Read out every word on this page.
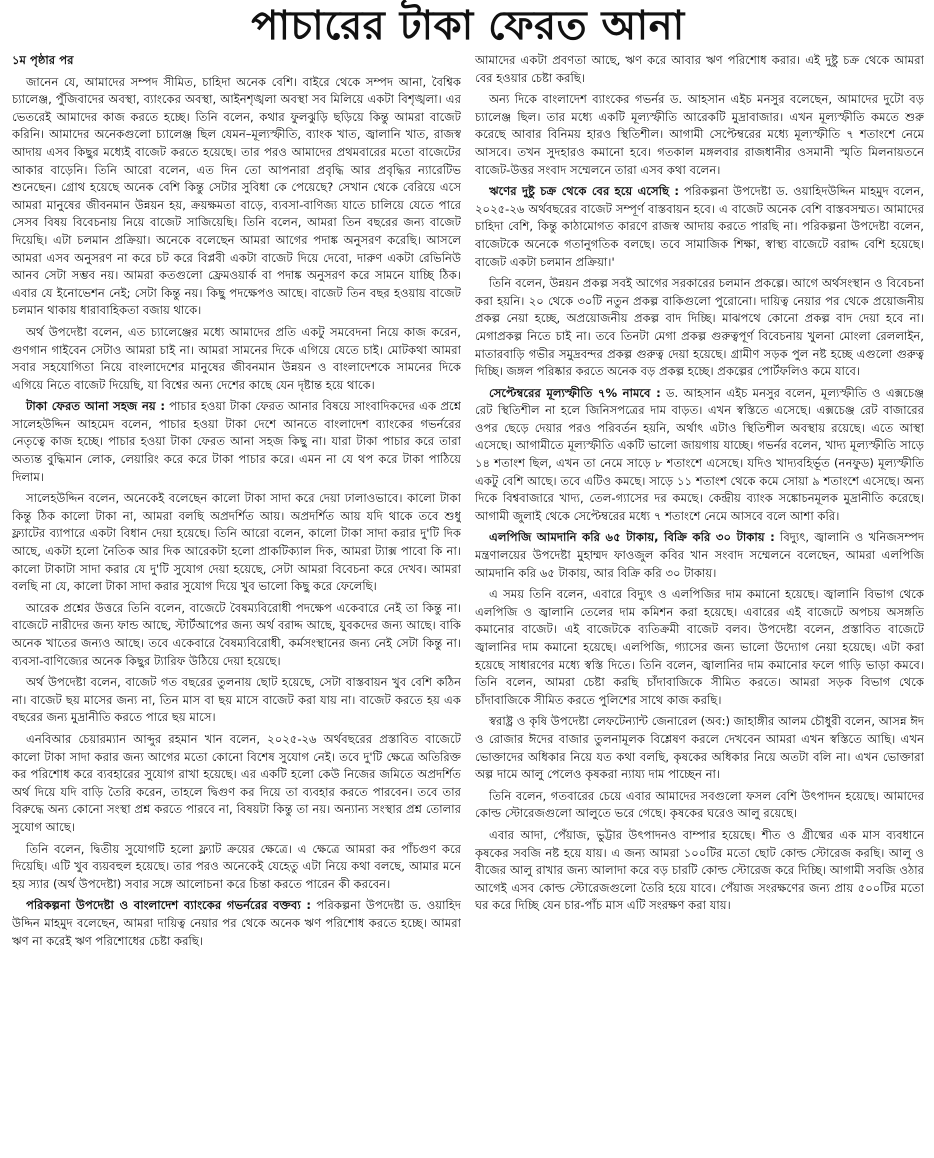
পাচারের টাকা ফেরত আনা

১ম পৃষ্ঠার পর

জানেন যে, আমাদের সম্পদ সীমিত, চাহিদা অনেক বেশি। বাইরে থেকে সম্পদ আনা, বৈশ্বিক চ্যালেঞ্জ, পুঁজিবাদের অবস্থা, ব্যাংকের অবস্থা, আইনশৃঙ্খলা অবস্থা সব মিলিয়ে একটা বিশৃঙ্খলা। এর ভেতরেই আমাদের কাজ করতে হচ্ছে। তিনি বলেন, কথার ফুলঝুড়ি ছড়িয়ে কিন্তু আমরা বাজেট করিনি। আমাদের অনেকগুলো চ্যালেঞ্জ ছিল যেমন–মূল্যস্ফীতি, ব্যাংক খাত, জ্বালানি খাত, রাজস্ব আদায় এসব কিছুর মধ্যেই বাজেট করতে হয়েছে। তার পরও আমাদের প্রথমবারের মতো বাজেটের আকার বাড়েনি। তিনি আরো বলেন, এত দিন তো আপনারা প্রবৃদ্ধি আর প্রবৃদ্ধির ন্যারেটিভ শুনেছেন। গ্রোথ হয়েছে অনেক বেশি কিন্তু সেটার সুবিধা কে পেয়েছে? সেখান থেকে বেরিয়ে এসে আমরা মানুষের জীবনমান উন্নয়ন হয়, ক্রয়ক্ষমতা বাড়ে, ব্যবসা-বাণিজ্য যাতে চালিয়ে যেতে পারে সেসব বিষয় বিবেচনায় নিয়ে বাজেট সাজিয়েছি। তিনি বলেন, আমরা তিন বছরের জন্য বাজেট দিয়েছি। এটা চলমান প্রক্রিয়া। অনেকে বলেছেন আমরা আগের পদাঙ্ক অনুসরণ করেছি। আসলে আমরা এসব অনুসরণ না করে চট করে বিপ্লবী একটা বাজেট দিয়ে দেবো, দারুণ একটা রেভিনিউ আনব সেটা সম্ভব নয়। আমরা কতগুলো ফ্রেমওয়ার্ক বা পদাঙ্ক অনুসরণ করে সামনে যাচ্ছি ঠিক। এবার যে ইনোভেশন নেই; সেটা কিন্তু নয়। কিছু পদক্ষেপও আছে। বাজেট তিন বছর হওয়ায় বাজেট চলমান থাকায় ধারাবাহিকতা বজায় থাকে।

অর্থ উপদেষ্টা বলেন, এত চ্যালেঞ্জের মধ্যে আমাদের প্রতি একটু সমবেদনা নিয়ে কাজ করেন, গুণগান গাইবেন সেটাও আমরা চাই না। আমরা সামনের দিকে এগিয়ে যেতে চাই। মোটকথা আমরা সবার সহযোগিতা নিয়ে বাংলাদেশের মানুষের জীবনমান উন্নয়ন ও বাংলাদেশকে সামনের দিকে এগিয়ে নিতে বাজেট দিয়েছি, যা বিশ্বের অন্য দেশের কাছে যেন দৃষ্টান্ত হয়ে থাকে।

টাকা ফেরত আনা সহজ নয় : পাচার হওয়া টাকা ফেরত আনার বিষয়ে সাংবাদিকদের এক প্রশ্নে সালেহউদ্দিন আহমেদ বলেন, পাচার হওয়া টাকা দেশে আনতে বাংলাদেশ ব্যাংকের গভর্নরের নেতৃত্বে কাজ হচ্ছে। পাচার হওয়া টাকা ফেরত আনা সহজ কিছু না। যারা টাকা পাচার করে তারা অত্যন্ত বুদ্ধিমান লোক, লেয়ারিং করে করে টাকা পাচার করে। এমন না যে থপ করে টাকা পাঠিয়ে দিলাম।

সালেহউদ্দিন বলেন, অনেকেই বলেছেন কালো টাকা সাদা করে দেয়া ঢালাওভাবে। কালো টাকা কিন্তু ঠিক কালো টাকা না, আমরা বলছি অপ্রদর্শিত আয়। অপ্রদর্শিত আয় যদি থাকে তবে শুধু ফ্ল্যাটের ব্যাপারে একটা বিধান দেয়া হয়েছে। তিনি আরো বলেন, কালো টাকা সাদা করার দু'টি দিক আছে, একটা হলো নৈতিক আর দিক আরেকটা হলো প্রাকটিক্যাল দিক, আমরা ট্যাক্স পাবো কি না। কালো টাকাটা সাদা করার যে দু'টি সুযোগ দেয়া হয়েছে, সেটা আমরা বিবেচনা করে দেখব। আমরা বলছি না যে, কালো টাকা সাদা করার সুযোগ দিয়ে খুব ভালো কিছু করে ফেলেছি।

আরেক প্রশ্নের উত্তরে তিনি বলেন, বাজেটে বৈষম্যবিরোধী পদক্ষেপ একেবারে নেই তা কিন্তু না। বাজেটে নারীদের জন্য ফান্ড আছে, স্টার্টআপের জন্য অর্থ বরাদ্দ আছে, যুবকদের জন্য আছে। বাকি অনেক খাতের জন্যও আছে। তবে একেবারে বৈষম্যবিরোধী, কর্মসংস্থানের জন্য নেই সেটা কিন্তু না। ব্যবসা-বাণিজ্যের অনেক কিছুর ট্যারিফ উঠিয়ে দেয়া হয়েছে।

অর্থ উপদেষ্টা বলেন, বাজেট গত বছরের তুলনায় ছোট হয়েছে, সেটা বাস্তবায়ন খুব বেশি কঠিন না। বাজেট ছয় মাসের জন্য না, তিন মাস বা ছয় মাসে বাজেট করা যায় না। বাজেট করতে হয় এক বছরের জন্য মুদ্রানীতি করতে পারে ছয় মাসে।

এনবিআর চেয়ারম্যান আব্দুর রহমান খান বলেন, ২০২৫-২৬ অর্থবছরের প্রস্তাবিত বাজেটে কালো টাকা সাদা করার জন্য আগের মতো কোনো বিশেষ সুযোগ নেই। তবে দু'টি ক্ষেত্রে অতিরিক্ত কর পরিশোধ করে ব্যবহারের সুযোগ রাখা হয়েছে। এর একটি হলো কেউ নিজের জমিতে অপ্রদর্শিত অর্থ দিয়ে যদি বাড়ি তৈরি করেন, তাহলে দ্বিগুণ কর দিয়ে তা ব্যবহার করতে পারবেন। তবে তার বিরুদ্ধে অন্য কোনো সংস্থা প্রশ্ন করতে পারবে না, বিষয়টা কিন্তু তা নয়। অন্যান্য সংস্থার প্রশ্ন তোলার সুযোগ আছে।

তিনি বলেন, দ্বিতীয় সুযোগটি হলো ফ্ল্যাট ক্রয়ের ক্ষেত্রে। এ ক্ষেত্রে আমরা কর পাঁচগুণ করে দিয়েছি। এটি খুব ব্যয়বহুল হয়েছে। তার পরও অনেকেই যেহেতু এটা নিয়ে কথা বলছে, আমার মনে হয় স্যার (অর্থ উপদেষ্টা) সবার সঙ্গে আলোচনা করে চিন্তা করতে পারেন কী করবেন।

পরিকল্পনা উপদেষ্টা ও বাংলাদেশ ব্যাংকের গভর্নরের বক্তব্য : পরিকল্পনা উপদেষ্টা ড. ওয়াহিদ উদ্দিন মাহমুদ বলেছেন, আমরা দায়িত্ব নেয়ার পর থেকে অনেক ঋণ পরিশোধ করতে হচ্ছে। আমরা ঋণ না করেই ঋণ পরিশোধের চেষ্টা করছি।

আমাদের একটা প্রবণতা আছে, ঋণ করে আবার ঋণ পরিশোধ করার। এই দুষ্টু চক্র থেকে আমরা বের হওয়ার চেষ্টা করছি।

অন্য দিকে বাংলাদেশ ব্যাংকের গভর্নর ড. আহসান এইচ মনসুর বলেছেন, আমাদের দুটো বড় চ্যালেঞ্জ ছিল। তার মধ্যে একটি মূল্যস্ফীতি আরেকটি মুদ্রাবাজার। এখন মূল্যস্ফীতি কমতে শুরু করেছে আবার বিনিময় হারও স্থিতিশীল। আগামী সেপ্টেম্বরের মধ্যে মূল্যস্ফীতি ৭ শতাংশে নেমে আসবে। তখন সুদহারও কমানো হবে। গতকাল মঙ্গলবার রাজধানীর ওসমানী স্মৃতি মিলনায়তনে বাজেট-উত্তর সংবাদ সম্মেলনে তারা এসব কথা বলেন।

ঋণের দুষ্টু চক্র থেকে বের হয়ে এসেছি : পরিকল্পনা উপদেষ্টা ড. ওয়াহিদউদ্দিন মাহমুদ বলেন, ২০২৫-২৬ অর্থবছরের বাজেট সম্পূর্ণ বাস্তবায়ন হবে। এ বাজেট অনেক বেশি বাস্তবসম্মত। আমাদের চাহিদা বেশি, কিন্তু কাঠামোগত কারণে রাজস্ব আদায় করতে পারছি না। পরিকল্পনা উপদেষ্টা বলেন, বাজেটকে অনেকে গতানুগতিক বলছে। তবে সামাজিক শিক্ষা, স্বাস্থ্য বাজেটে বরাদ্দ বেশি হয়েছে। বাজেট একটা চলমান প্রক্রিয়া।'

তিনি বলেন, উন্নয়ন প্রকল্প সবই আগের সরকারের চলমান প্রকল্পে। আগে অর্থসংস্থান ও বিবেচনা করা হয়নি। ২০ থেকে ৩০টি নতুন প্রকল্প বাকিগুলো পুরোনো। দায়িত্ব নেয়ার পর থেকে প্রয়োজনীয় প্রকল্প নেয়া হচ্ছে, অপ্রয়োজনীয় প্রকল্প বাদ দিচ্ছি। মাঝপথে কোনো প্রকল্প বাদ দেয়া হবে না। মেগাপ্রকল্প নিতে চাই না। তবে তিনটা মেগা প্রকল্প গুরুত্বপূর্ণ বিবেচনায় খুলনা মোংলা রেললাইন, মাতারবাড়ি গভীর সমুদ্রবন্দর প্রকল্প গুরুত্ব দেয়া হয়েছে। গ্রামীণ সড়ক পুল নষ্ট হচ্ছে এগুলো গুরুত্ব দিচ্ছি। জঙ্গল পরিষ্কার করতে অনেক বড় প্রকল্প হচ্ছে। প্রকল্পের পোর্টফলিও কমে যাবে।

সেপ্টেম্বরের মূল্যস্ফীতি ৭% নামবে : ড. আহসান এইচ মনসুর বলেন, মূল্যস্ফীতি ও এক্সচেঞ্জ রেট স্থিতিশীল না হলে জিনিসপত্রের দাম বাড়ত। এখন স্বস্তিতে এসেছে। এক্সচেঞ্জ রেট বাজারের ওপর ছেড়ে দেয়ার পরও পরিবর্তন হয়নি, অর্থাৎ এটাও স্থিতিশীল অবস্থায় রয়েছে। এতে আস্থা এসেছে। আগামীতে মূল্যস্ফীতি একটি ভালো জায়গায় যাচ্ছে। গভর্নর বলেন, খাদ্য মূল্যস্ফীতি সাড়ে ১৪ শতাংশ ছিল, এখন তা নেমে সাড়ে ৮ শতাংশে এসেছে। যদিও খাদ্যবহির্ভূত (ননফুড) মূল্যস্ফীতি একটু বেশি আছে। তবে এটিও কমছে। সাড়ে ১১ শতাংশ থেকে কমে সোয়া ৯ শতাংশে এসেছে। অন্য দিকে বিশ্ববাজারে খাদ্য, তেল-গ্যাসের দর কমছে। কেন্দ্রীয় ব্যাংক সঙ্কোচনমূলক মুদ্রানীতি করেছে। আগামী জুলাই থেকে সেপ্টেম্বরের মধ্যে ৭ শতাংশে নেমে আসবে বলে আশা করি।

এলপিজি আমদানি করি ৬৫ টাকায়, বিক্রি করি ৩০ টাকায় : বিদ্যুৎ, জ্বালানি ও খনিজসম্পদ মন্ত্রণালয়ের উপদেষ্টা মুহাম্মদ ফাওজুল কবির খান সংবাদ সম্মেলনে বলেছেন, আমরা এলপিজি আমদানি করি ৬৫ টাকায়, আর বিক্রি করি ৩০ টাকায়।

এ সময় তিনি বলেন, এবারে বিদ্যুৎ ও এলপিজির দাম কমানো হয়েছে। জ্বালানি বিভাগ থেকে এলপিজি ও জ্বালানি তেলের দাম কমিশন করা হয়েছে। এবারের এই বাজেটে অপচয় অসঙ্গতি কমানোর বাজেট। এই বাজেটকে ব্যতিক্রমী বাজেট বলব। উপদেষ্টা বলেন, প্রস্তাবিত বাজেটে জ্বালানির দাম কমানো হয়েছে। এলপিজি, গ্যাসের জন্য ভালো উদ্যোগ নেয়া হয়েছে। এটা করা হয়েছে সাধারণের মধ্যে স্বস্তি দিতে। তিনি বলেন, জ্বালানির দাম কমানোর ফলে গাড়ি ভাড়া কমবে। তিনি বলেন, আমরা চেষ্টা করছি চাঁদাবাজিকে সীমিত করতে। আমরা সড়ক বিভাগ থেকে চাঁদাবাজিকে সীমিত করতে পুলিশের সাথে কাজ করছি।

স্বরাষ্ট্র ও কৃষি উপদেষ্টা লেফটেন্যান্ট জেনারেল (অব:) জাহাঙ্গীর আলম চৌধুরী বলেন, আসন্ন ঈদ ও রোজার ঈদের বাজার তুলনামূলক বিশ্লেষণ করলে দেখবেন আমরা এখন স্বস্তিতে আছি। এখন ভোক্তাদের অধিকার নিয়ে যত কথা বলছি, কৃষকের অধিকার নিয়ে অতটা বলি না। এখন ভোক্তারা অল্প দামে আলু পেলেও কৃষকরা ন্যায্য দাম পাচ্ছেন না।

তিনি বলেন, গতবারের চেয়ে এবার আমাদের সবগুলো ফসল বেশি উৎপাদন হয়েছে। আমাদের কোল্ড স্টোরেজগুলো আলুতে ভরে গেছে। কৃষকের ঘরেও আলু রয়েছে।

এবার আদা, পেঁয়াজ, ভুট্টার উৎপাদনও বাম্পার হয়েছে। শীত ও গ্রীষ্মের এক মাস ব্যবধানে কৃষকের সবজি নষ্ট হয়ে যায়। এ জন্য আমরা ১০০টির মতো ছোট কোল্ড স্টোরেজ করছি। আলু ও বীজের আলু রাখার জন্য আলাদা করে বড় চারটি কোল্ড স্টোরেজ করে দিচ্ছি। আগামী সবজি ওঠার আগেই এসব কোল্ড স্টোরেজগুলো তৈরি হয়ে যাবে। পেঁয়াজ সংরক্ষণের জন্য প্রায় ৫০০টির মতো ঘর করে দিচ্ছি যেন চার-পাঁচ মাস এটি সংরক্ষণ করা যায়।
